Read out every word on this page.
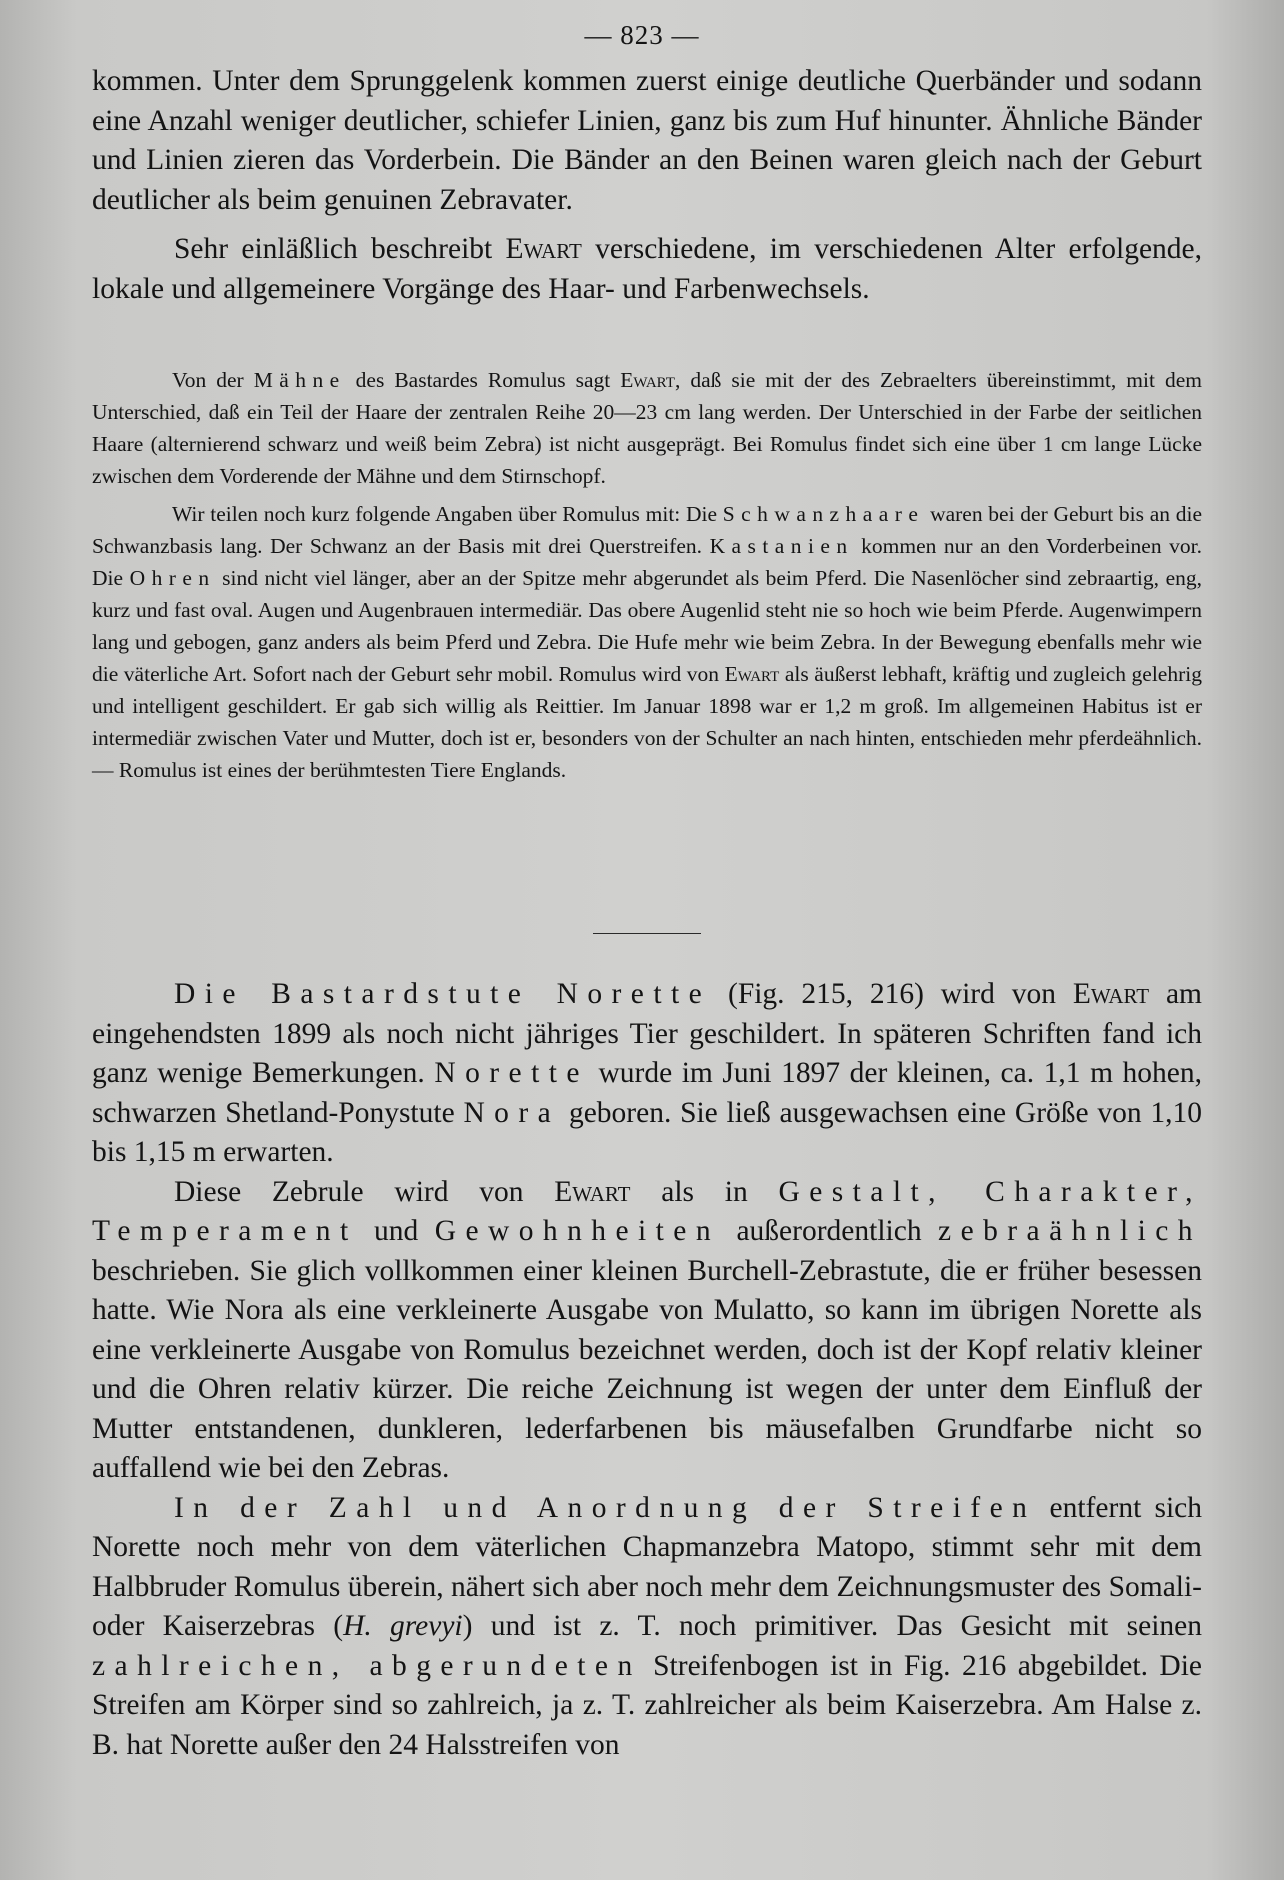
— 823 —

kommen. Unter dem Sprunggelenk kommen zuerst einige deutliche Querbänder und sodann eine Anzahl weniger deutlicher, schiefer Linien, ganz bis zum Huf hinunter. Ähnliche Bänder und Linien zieren das Vorderbein. Die Bänder an den Beinen waren gleich nach der Geburt deutlicher als beim genuinen Zebravater.

Sehr einläßlich beschreibt Ewart verschiedene, im verschiedenen Alter erfolgende, lokale und allgemeinere Vorgänge des Haar- und Farbenwechsels.

Von der Mähne des Bastardes Romulus sagt Ewart, daß sie mit der des Zebraelters übereinstimmt, mit dem Unterschied, daß ein Teil der Haare der zentralen Reihe 20—23 cm lang werden. Der Unterschied in der Farbe der seitlichen Haare (alternierend schwarz und weiß beim Zebra) ist nicht ausgeprägt. Bei Romulus findet sich eine über 1 cm lange Lücke zwischen dem Vorderende der Mähne und dem Stirnschopf.

Wir teilen noch kurz folgende Angaben über Romulus mit: Die Schwanzhaare waren bei der Geburt bis an die Schwanzbasis lang. Der Schwanz an der Basis mit drei Querstreifen. Kastanien kommen nur an den Vorderbeinen vor. Die Ohren sind nicht viel länger, aber an der Spitze mehr abgerundet als beim Pferd. Die Nasenlöcher sind zebraartig, eng, kurz und fast oval. Augen und Augenbrauen intermediär. Das obere Augenlid steht nie so hoch wie beim Pferde. Augenwimpern lang und gebogen, ganz anders als beim Pferd und Zebra. Die Hufe mehr wie beim Zebra. In der Bewegung ebenfalls mehr wie die väterliche Art. Sofort nach der Geburt sehr mobil. Romulus wird von Ewart als äußerst lebhaft, kräftig und zugleich gelehrig und intelligent geschildert. Er gab sich willig als Reittier. Im Januar 1898 war er 1,2 m groß. Im allgemeinen Habitus ist er intermediär zwischen Vater und Mutter, doch ist er, besonders von der Schulter an nach hinten, entschieden mehr pferdeähnlich. — Romulus ist eines der berühmtesten Tiere Englands.

Die Bastardstute Norette (Fig. 215, 216) wird von Ewart am eingehendsten 1899 als noch nicht jähriges Tier geschildert. In späteren Schriften fand ich ganz wenige Bemerkungen. Norette wurde im Juni 1897 der kleinen, ca. 1,1 m hohen, schwarzen Shetland-Ponystute Nora geboren. Sie ließ ausgewachsen eine Größe von 1,10 bis 1,15 m erwarten.

Diese Zebrule wird von Ewart als in Gestalt, Charakter, Temperament und Gewohnheiten außerordentlich zebraähnlich beschrieben. Sie glich vollkommen einer kleinen Burchell-Zebrastute, die er früher besessen hatte. Wie Nora als eine verkleinerte Ausgabe von Mulatto, so kann im übrigen Norette als eine verkleinerte Ausgabe von Romulus bezeichnet werden, doch ist der Kopf relativ kleiner und die Ohren relativ kürzer. Die reiche Zeichnung ist wegen der unter dem Einfluß der Mutter entstandenen, dunkleren, lederfarbenen bis mäusefalben Grundfarbe nicht so auffallend wie bei den Zebras.

In der Zahl und Anordnung der Streifen entfernt sich Norette noch mehr von dem väterlichen Chapmanzebra Matopo, stimmt sehr mit dem Halbbruder Romulus überein, nähert sich aber noch mehr dem Zeichnungsmuster des Somali- oder Kaiserzebras (H. grevyi) und ist z. T. noch primitiver. Das Gesicht mit seinen zahlreichen, abgerundeten Streifenbogen ist in Fig. 216 abgebildet. Die Streifen am Körper sind so zahlreich, ja z. T. zahlreicher als beim Kaiserzebra. Am Halse z. B. hat Norette außer den 24 Halsstreifen von
